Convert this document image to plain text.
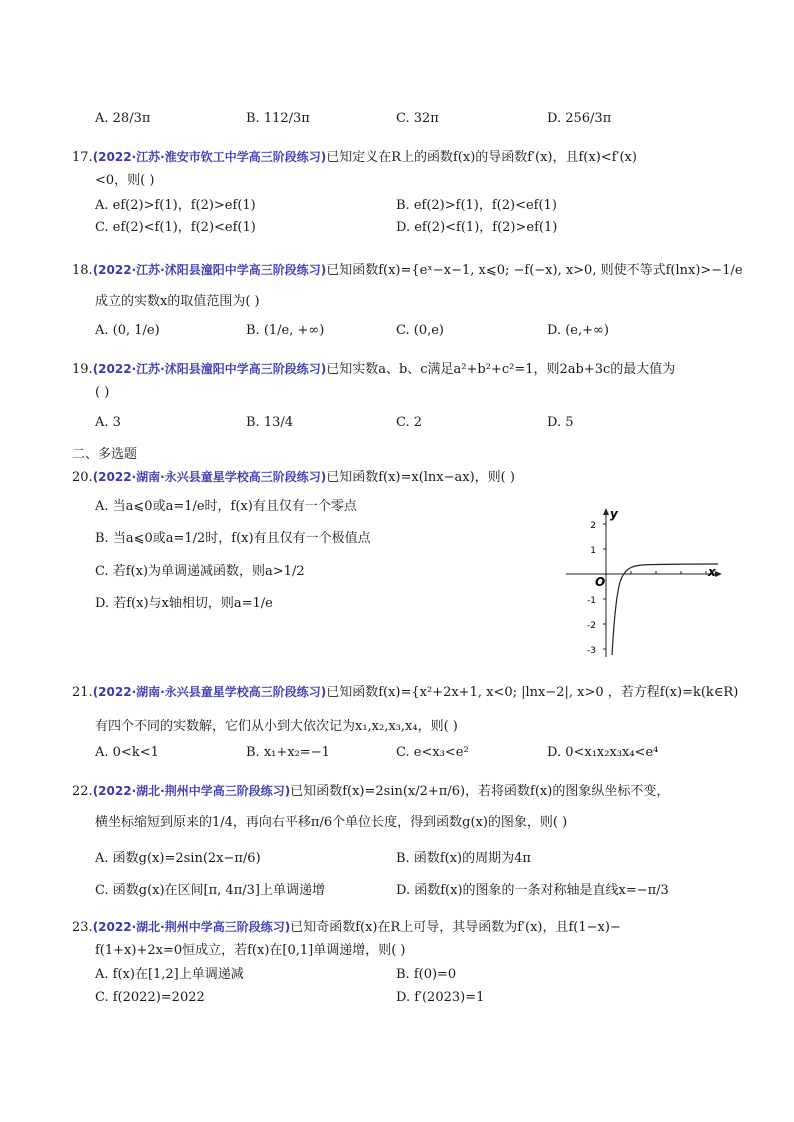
A. 28/3π	B. 112/3π	C. 32π	D. 256/3π
17.(2022·江苏·淮安市钦工中学高三阶段练习)已知定义在R上的函数f(x)的导函数f′(x)，且f(x)<f′(x)
<0，则( )
A. ef(2)>f(1)，f(2)>ef(1)	B. ef(2)>f(1)，f(2)<ef(1)
C. ef(2)<f(1)，f(2)<ef(1)	D. ef(2)<f(1)，f(2)>ef(1)
18.(2022·江苏·沭阳县潼阳中学高三阶段练习)已知函数f(x)={eˣ−x−1, x⩽0; −f(−x), x>0, 则使不等式f(lnx)>−1/e
成立的实数x的取值范围为( )
A. (0, 1/e)	B. (1/e, +∞)	C. (0,e)	D. (e,+∞)
19.(2022·江苏·沭阳县潼阳中学高三阶段练习)已知实数a、b、c满足a²+b²+c²=1，则2ab+3c的最大值为
( )
A. 3	B. 13/4	C. 2	D. 5
二、多选题
20.(2022·湖南·永兴县童星学校高三阶段练习)已知函数f(x)=x(lnx−ax)，则( )
A. 当a⩽0或a=1/e时，f(x)有且仅有一个零点
B. 当a⩽0或a=1/2时，f(x)有且仅有一个极值点
C. 若f(x)为单调递减函数，则a>1/2
D. 若f(x)与x轴相切，则a=1/e
2
1
-1
-2
-3
y
x
O
21.(2022·湖南·永兴县童星学校高三阶段练习)已知函数f(x)={x²+2x+1, x<0; |lnx−2|, x>0 ，若方程f(x)=k(k∈R)
有四个不同的实数解，它们从小到大依次记为x₁,x₂,x₃,x₄，则( )
A. 0<k<1	B. x₁+x₂=−1	C. e<x₃<e²	D. 0<x₁x₂x₃x₄<e⁴
22.(2022·湖北·荆州中学高三阶段练习)已知函数f(x)=2sin(x/2+π/6)，若将函数f(x)的图象纵坐标不变，
横坐标缩短到原来的1/4，再向右平移π/6个单位长度，得到函数g(x)的图象，则( )
A. 函数g(x)=2sin(2x−π/6)	B. 函数f(x)的周期为4π
C. 函数g(x)在区间[π, 4π/3]上单调递增	D. 函数f(x)的图象的一条对称轴是直线x=−π/3
23.(2022·湖北·荆州中学高三阶段练习)已知奇函数f(x)在R上可导，其导函数为f′(x)，且f(1−x)−
f(1+x)+2x=0恒成立，若f(x)在[0,1]单调递增，则( )
A. f(x)在[1,2]上单调递减	B. f(0)=0
C. f(2022)=2022	D. f′(2023)=1
